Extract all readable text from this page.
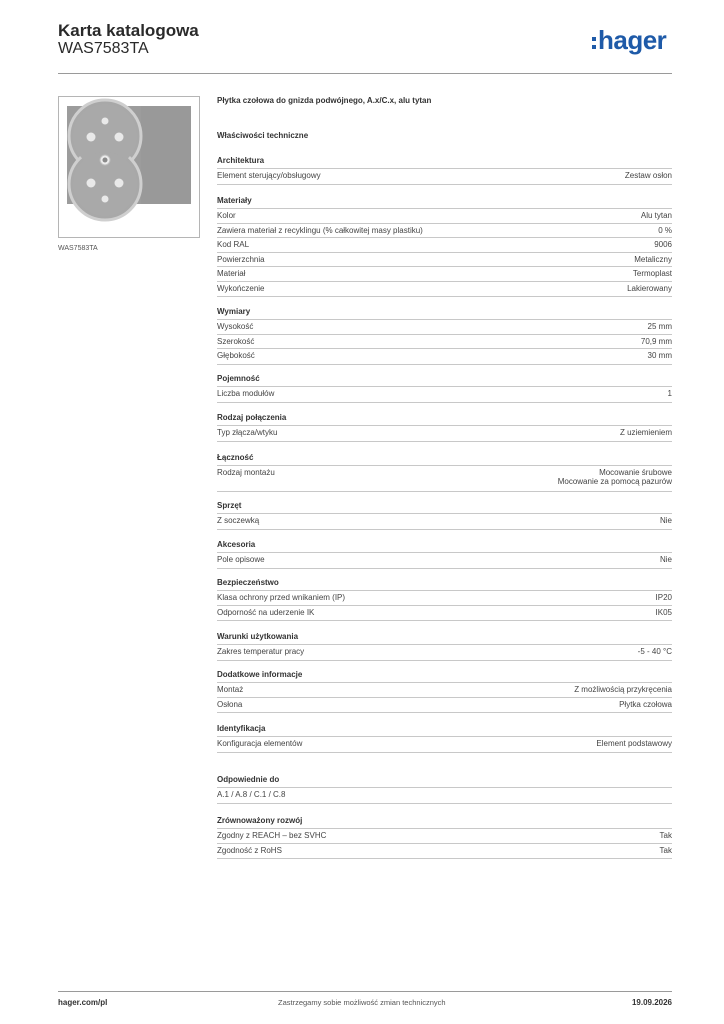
Karta katalogowa
WAS7583TA	hager
WAS7583TA
Płytka czołowa do gnizda podwójnego, A.x/C.x, alu tytan
Właściwości techniczne
Architektura
Element sterujący/obsługowy	Zestaw osłon
Materiały
Kolor	Alu tytan
Zawiera materiał z recyklingu (% całkowitej masy plastiku)	0 %
Kod RAL	9006
Powierzchnia	Metaliczny
Materiał	Termoplast
Wykończenie	Lakierowany
Wymiary
Wysokość	25 mm
Szerokość	70,9 mm
Głębokość	30 mm
Pojemność
Liczba modułów	1
Rodzaj połączenia
Typ złącza/wtyku	Z uziemieniem
Łączność
Rodzaj montażu	Mocowanie śrubowe
Mocowanie za pomocą pazurów
Sprzęt
Z soczewką	Nie
Akcesoria
Pole opisowe	Nie
Bezpieczeństwo
Klasa ochrony przed wnikaniem (IP)	IP20
Odporność na uderzenie IK	IK05
Warunki użytkowania
Zakres temperatur pracy	-5 - 40 °C
Dodatkowe informacje
Montaż	Z możliwością przykręcenia
Osłona	Płytka czołowa
Identyfikacja
Konfiguracja elementów	Element podstawowy
Odpowiednie do
A.1 / A.8 / C.1 / C.8
Zrównoważony rozwój
Zgodny z REACH – bez SVHC	Tak
Zgodność z RoHS	Tak
hager.com/pl	Zastrzegamy sobie możliwość zmian technicznych	19.09.2026
